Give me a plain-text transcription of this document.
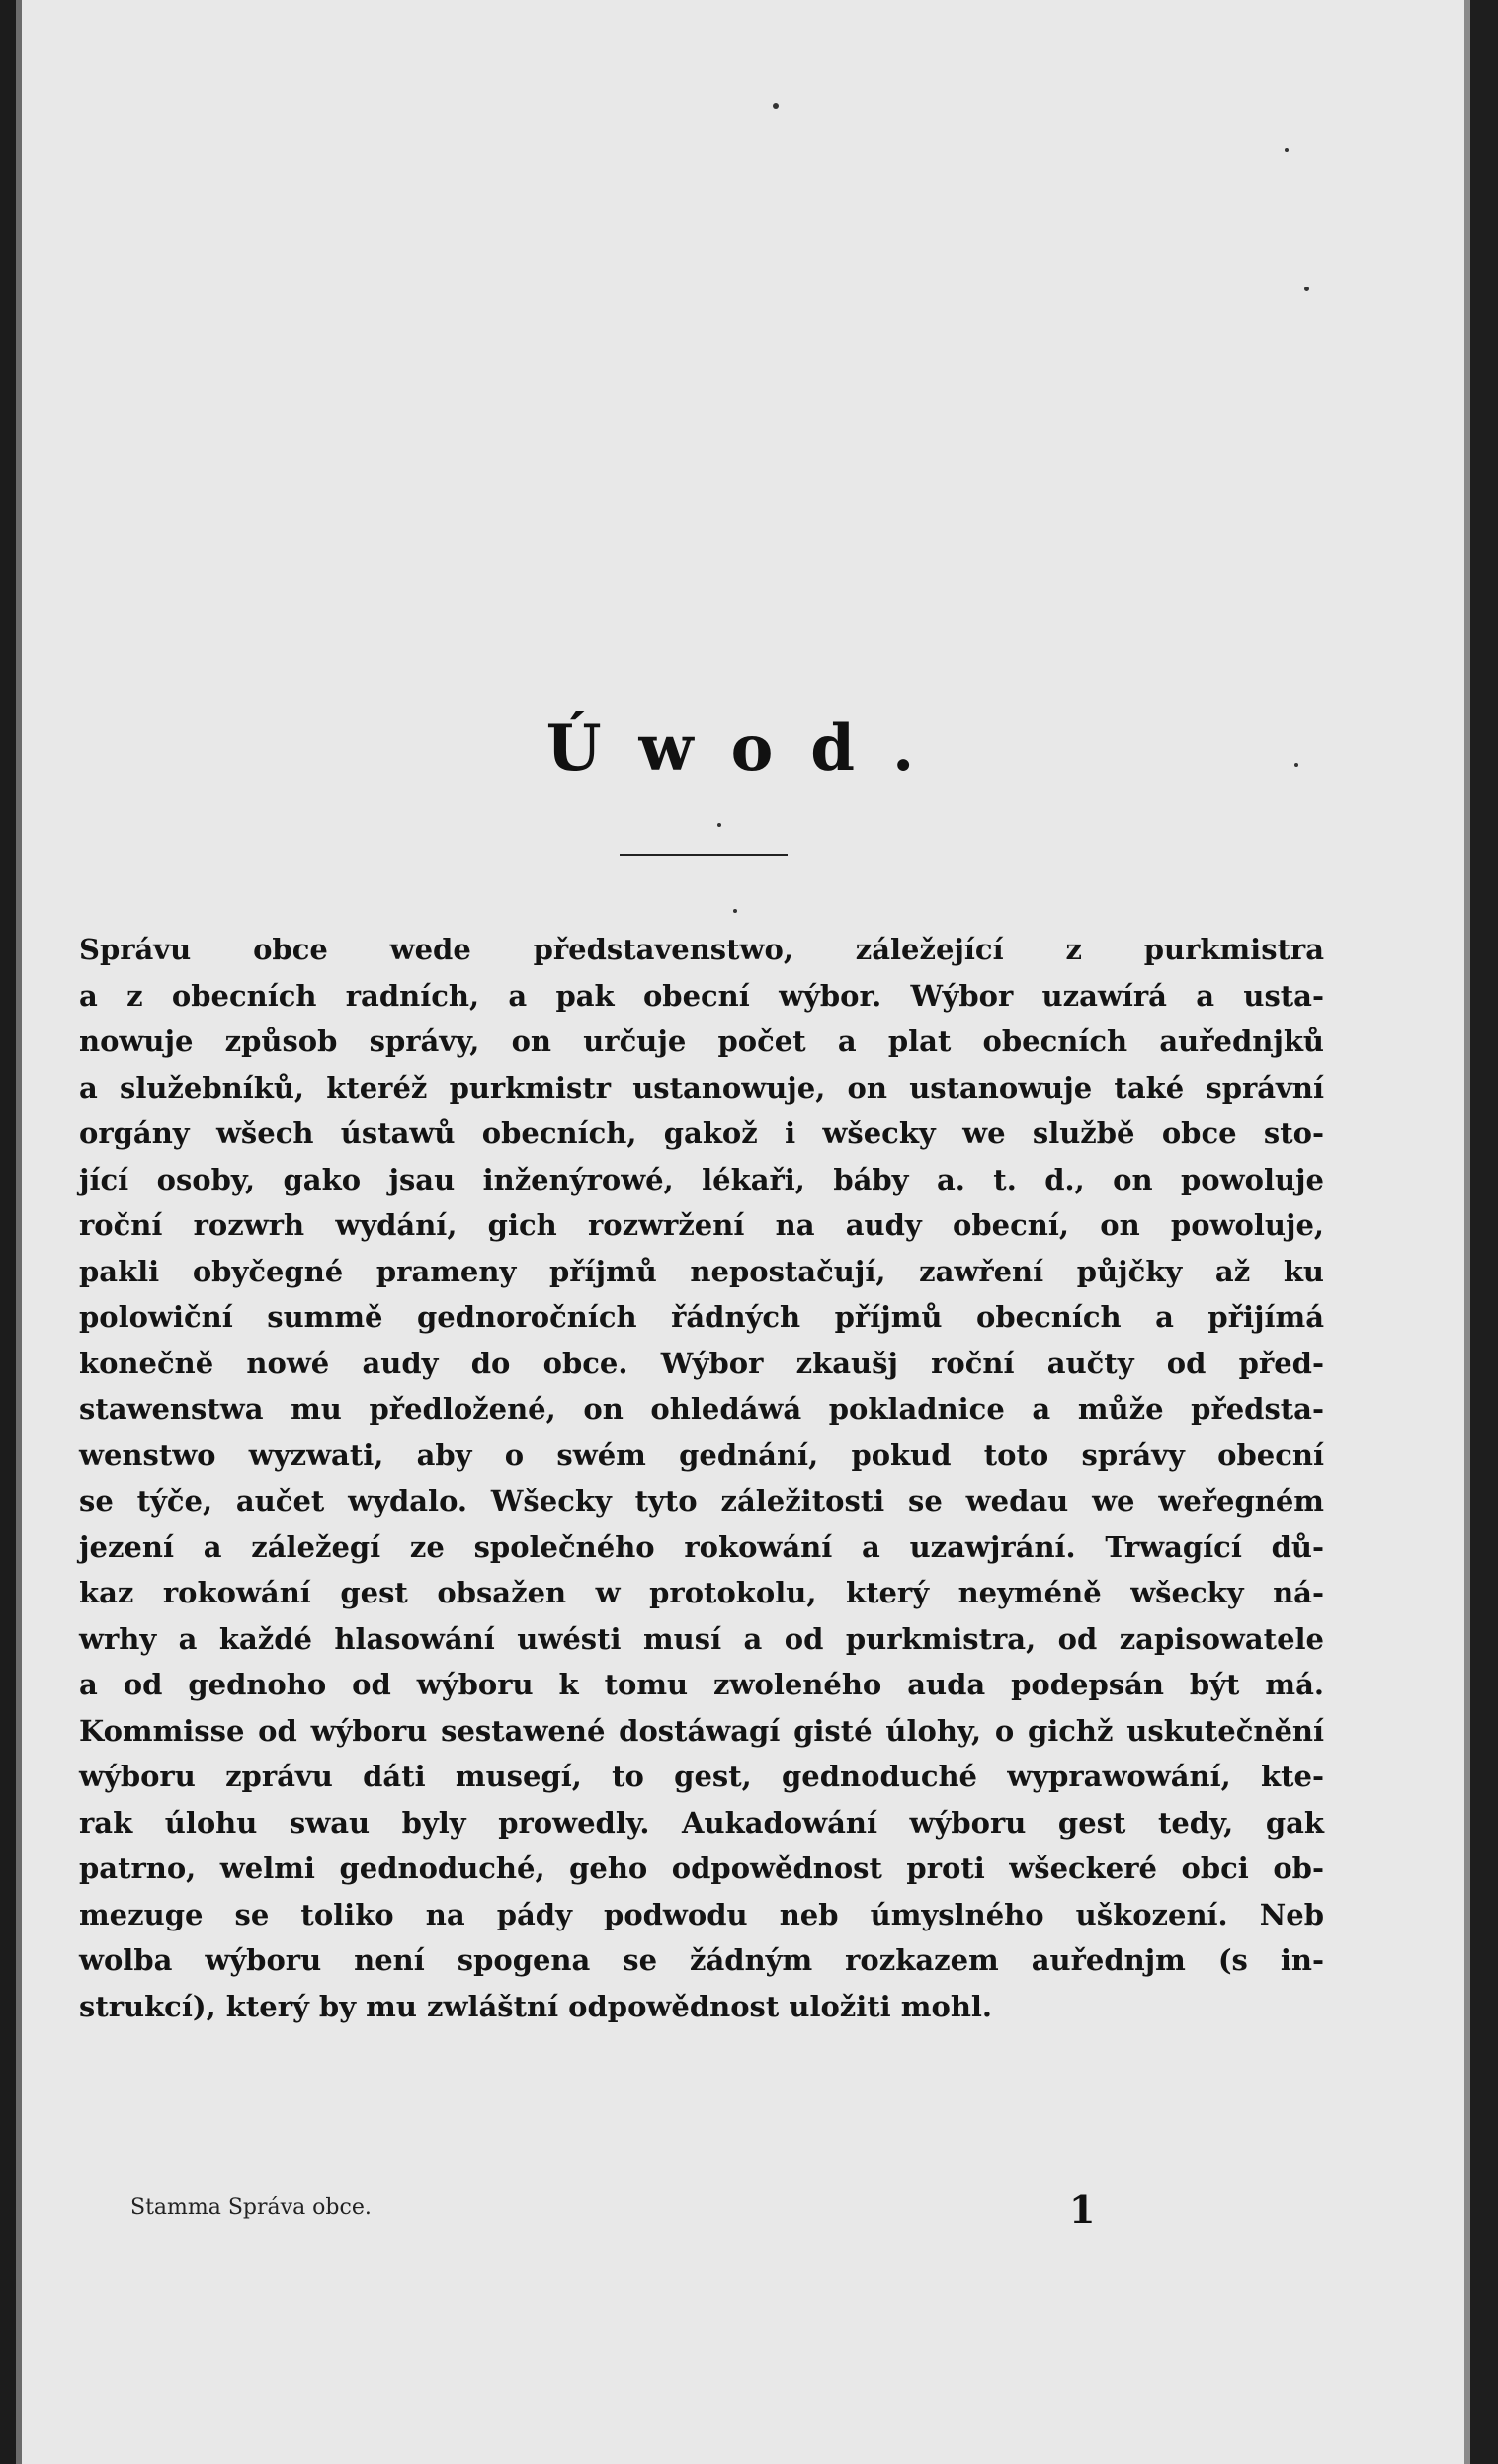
Úwod.

Správu obce wede představenstwo, záležející z purkmistra
a z obecních radních, a pak obecní wýbor. Wýbor uzawírá a usta-
nowuje způsob správy, on určuje počet a plat obecních auřednjků
a služebníků, kteréž purkmistr ustanowuje, on ustanowuje také správní
orgány wšech ústawů obecních, gakož i wšecky we službě obce sto-
jící osoby, gako jsau inženýrowé, lékaři, báby a. t. d., on powoluje
roční rozwrh wydání, gich rozwržení na audy obecní, on powoluje,
pakli obyčegné prameny příjmů nepostačují, zawření půjčky až ku
polowiční summě gednoročních řádných příjmů obecních a přijímá
konečně nowé audy do obce. Wýbor zkaušj roční aučty od před-
stawenstwa mu předložené, on ohledáwá pokladnice a může předsta-
wenstwo wyzwati, aby o swém gednání, pokud toto správy obecní
se týče, aučet wydalo. Wšecky tyto záležitosti se wedau we weřegném
jezení a záležegí ze společného rokowání a uzawjrání. Trwagící dů-
kaz rokowání gest obsažen w protokolu, který neyméně wšecky ná-
wrhy a každé hlasowání uwésti musí a od purkmistra, od zapisowatele
a od gednoho od wýboru k tomu zwoleného auda podepsán být má.
Kommisse od wýboru sestawené dostáwagí gisté úlohy, o gichž uskutečnění
wýboru zprávu dáti musegí, to gest, gednoduché wyprawowání, kte-
rak úlohu swau byly prowedly. Aukadowání wýboru gest tedy, gak
patrno, welmi gednoduché, geho odpowědnost proti wšeckeré obci ob-
mezuge se toliko na pády podwodu neb úmyslného uškození. Neb
wolba wýboru není spogena se žádným rozkazem auřednjm (s in-
strukcí), který by mu zwláštní odpowědnost uložiti mohl.

Stamma Správa obce.	1
